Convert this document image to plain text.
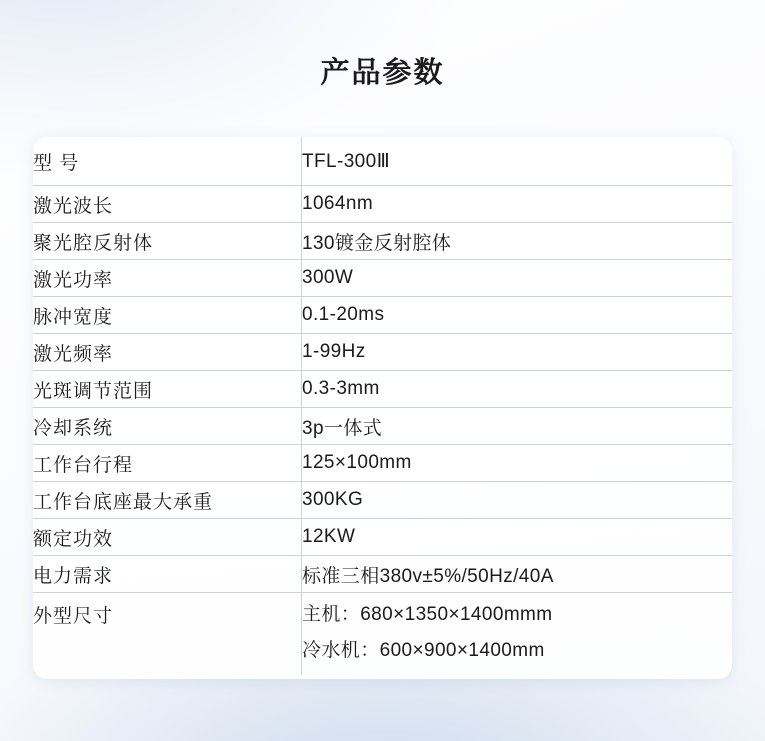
产品参数
型 号	TFL-300Ⅲ
激光波长	1064nm
聚光腔反射体	130镀金反射腔体
激光功率	300W
脉冲宽度	0.1-20ms
激光频率	1-99Hz
光斑调节范围	0.3-3mm
冷却系统	3p一体式
工作台行程	125×100mm
工作台底座最大承重	300KG
额定功效	12KW
电力需求	标准三相380v±5%/50Hz/40A
外型尺寸	主机：680×1350×1400mmm
冷水机：600×900×1400mm
